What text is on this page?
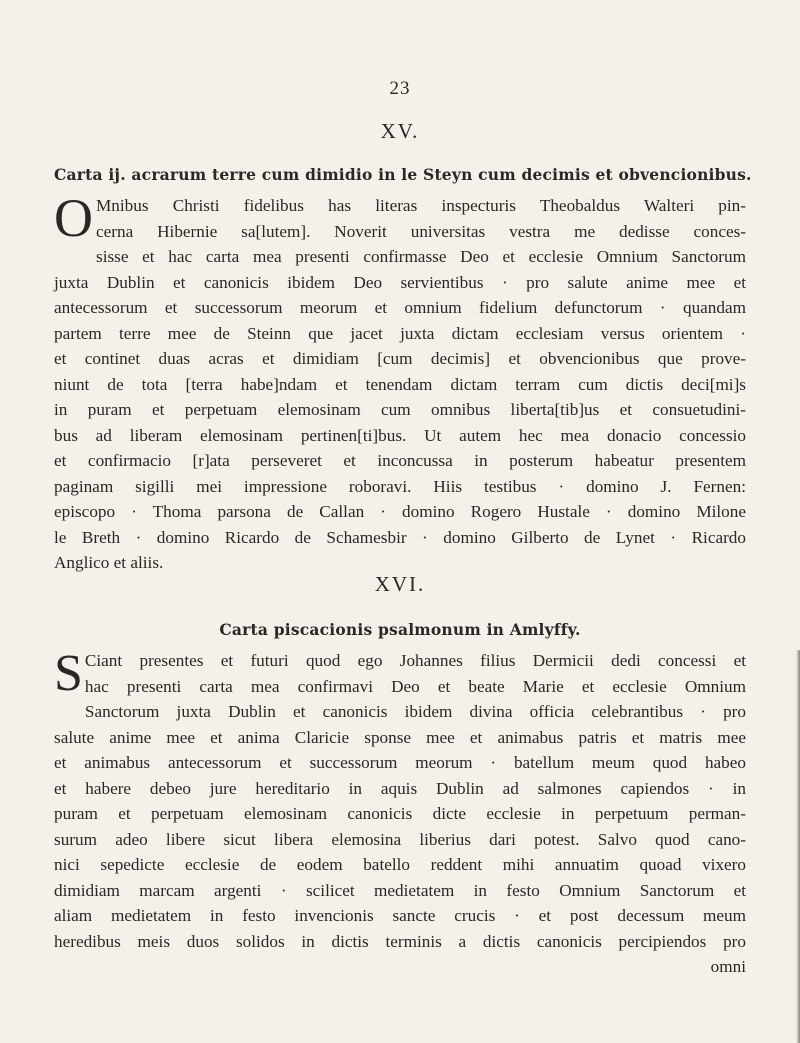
23
XV.
Carta ij. acrarum terre cum dimidio in le Steyn cum decimis et obvencionibus.
O Mnibus Christi fidelibus has literas inspecturis Theobaldus Walteri pin-
cerna Hibernie sa[lutem]. Noverit universitas vestra me dedisse conces-
sisse et hac carta mea presenti confirmasse Deo et ecclesie Omnium Sanctorum
juxta Dublin et canonicis ibidem Deo servientibus · pro salute anime mee et
antecessorum et successorum meorum et omnium fidelium defunctorum · quandam
partem terre mee de Steinn que jacet juxta dictam ecclesiam versus orientem ·
et continet duas acras et dimidiam [cum decimis] et obvencionibus que prove-
niunt de tota [terra habe]ndam et tenendam dictam terram cum dictis deci[mi]s
in puram et perpetuam elemosinam cum omnibus liberta[tib]us et consuetudini-
bus ad liberam elemosinam pertinen[ti]bus. Ut autem hec mea donacio concessio
et confirmacio [r]ata perseveret et inconcussa in posterum habeatur presentem
paginam sigilli mei impressione roboravi. Hiis testibus · domino J. Fernen:
episcopo · Thoma parsona de Callan · domino Rogero Hustale · domino Milone
le Breth · domino Ricardo de Schamesbir · domino Gilberto de Lynet · Ricardo
Anglico et aliis.
XVI.
Carta piscacionis psalmonum in Amlyffy.
S Ciant presentes et futuri quod ego Johannes filius Dermicii dedi concessi et
hac presenti carta mea confirmavi Deo et beate Marie et ecclesie Omnium
Sanctorum juxta Dublin et canonicis ibidem divina officia celebrantibus · pro
salute anime mee et anima Claricie sponse mee et animabus patris et matris mee
et animabus antecessorum et successorum meorum · batellum meum quod habeo
et habere debeo jure hereditario in aquis Dublin ad salmones capiendos · in
puram et perpetuam elemosinam canonicis dicte ecclesie in perpetuum perman-
surum adeo libere sicut libera elemosina liberius dari potest. Salvo quod cano-
nici sepedicte ecclesie de eodem batello reddent mihi annuatim quoad vixero
dimidiam marcam argenti · scilicet medietatem in festo Omnium Sanctorum et
aliam medietatem in festo invencionis sancte crucis · et post decessum meum
heredibus meis duos solidos in dictis terminis a dictis canonicis percipiendos pro
omni
